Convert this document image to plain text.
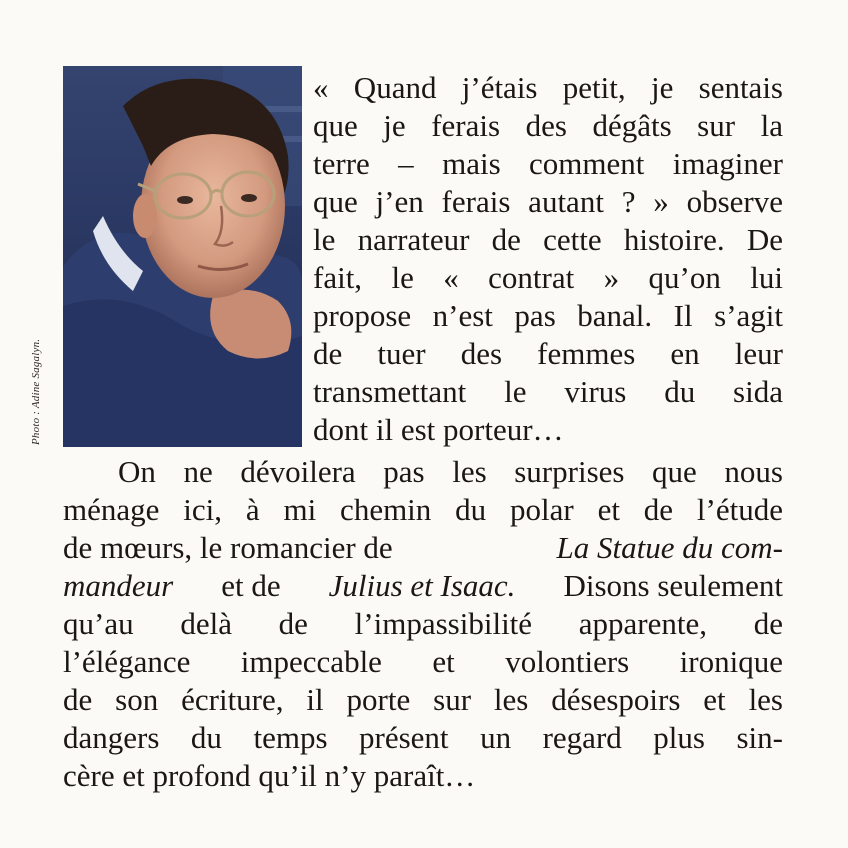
Photo : Adine Sagalyn.
« Quand j’étais petit, je sentais
que je ferais des dégâts sur la
terre – mais comment imaginer
que j’en ferais autant ? » observe
le narrateur de cette histoire. De
fait, le « contrat » qu’on lui
propose n’est pas banal. Il s’agit
de tuer des femmes en leur
transmettant le virus du sida
dont il est porteur…
On ne dévoilera pas les surprises que nous
ménage ici, à mi chemin du polar et de l’étude
de mœurs, le romancier de	La Statue du com-
mandeur et de Julius et Isaac. Disons seulement
qu’au delà de l’impassibilité apparente, de
l’élégance impeccable et volontiers ironique
de son écriture, il porte sur les désespoirs et les
dangers du temps présent un regard plus sin-
cère et profond qu’il n’y paraît…
